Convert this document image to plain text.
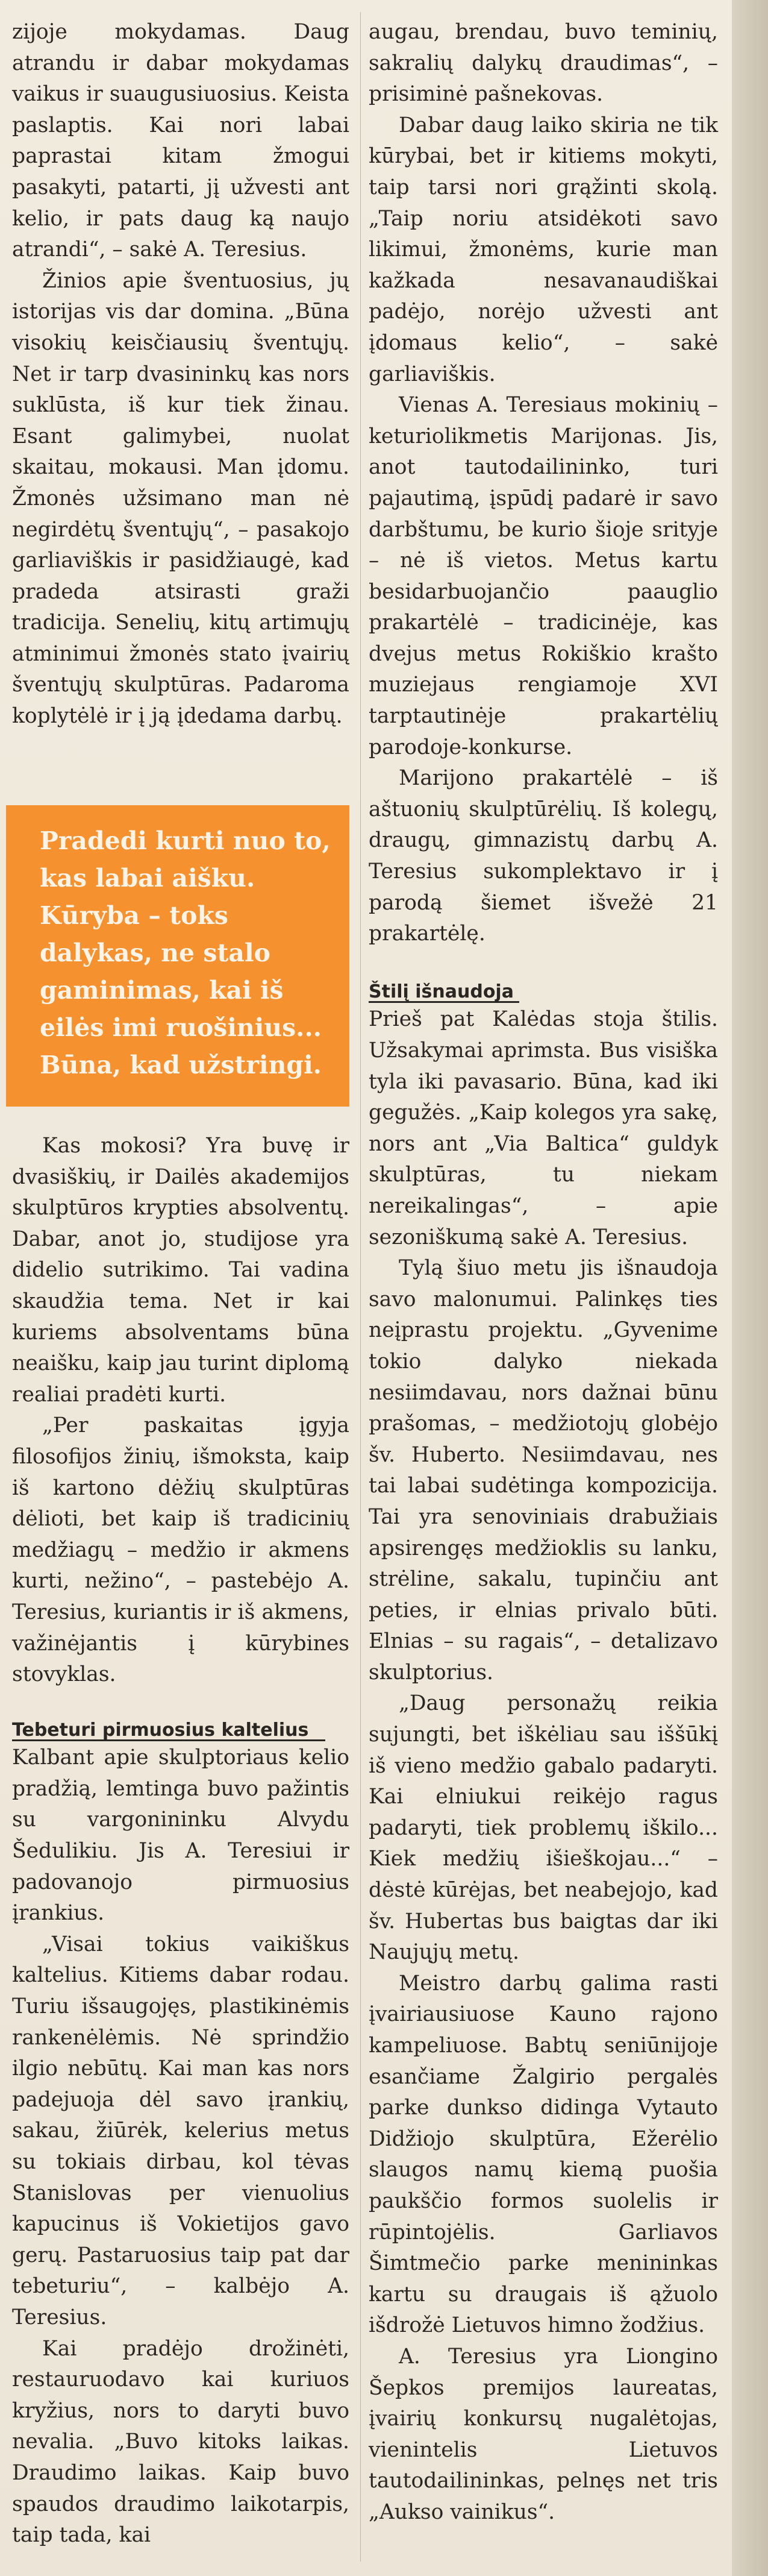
zijoje mokydamas. Daug atrandu ir dabar mokydamas vaikus ir suaugusiuosius. Keista paslaptis. Kai nori labai paprastai kitam žmogui pasakyti, patarti, jį užvesti ant kelio, ir pats daug ką naujo atrandi“, – sakė A. Teresius.

Žinios apie šventuosius, jų istorijas vis dar domina. „Būna visokių keisčiausių šventųjų. Net ir tarp dvasininkų kas nors suklūsta, iš kur tiek žinau. Esant galimybei, nuolat skaitau, mokausi. Man įdomu. Žmonės užsimano man nė negirdėtų šventųjų“, – pasakojo garliaviškis ir pasidžiaugė, kad pradeda atsirasti graži tradicija. Senelių, kitų artimųjų atminimui žmonės stato įvairių šventųjų skulptūras. Padaroma koplytėlė ir į ją įdedama darbų.

Pradedi kurti nuo to, kas labai aišku. Kūryba – toks dalykas, ne stalo gaminimas, kai iš eilės imi ruošinius... Būna, kad užstringi.

Kas mokosi? Yra buvę ir dvasiškių, ir Dailės akademijos skulptūros krypties absolventų. Dabar, anot jo, studijose yra didelio sutrikimo. Tai vadina skaudžia tema. Net ir kai kuriems absolventams būna neaišku, kaip jau turint diplomą realiai pradėti kurti.

„Per paskaitas įgyja filosofijos žinių, išmoksta, kaip iš kartono dėžių skulptūras dėlioti, bet kaip iš tradicinių medžiagų – medžio ir akmens kurti, nežino“, – pastebėjo A. Teresius, kuriantis ir iš akmens, važinėjantis į kūrybines stovyklas.

Tebeturi pirmuosius kaltelius

Kalbant apie skulptoriaus kelio pradžią, lemtinga buvo pažintis su vargonininku Alvydu Šedulikiu. Jis A. Teresiui ir padovanojo pirmuosius įrankius.

„Visai tokius vaikiškus kaltelius. Kitiems dabar rodau. Turiu išsaugojęs, plastikinėmis rankenėlėmis. Nė sprindžio ilgio nebūtų. Kai man kas nors padejuoja dėl savo įrankių, sakau, žiūrėk, kelerius metus su tokiais dirbau, kol tėvas Stanislovas per vienuolius kapucinus iš Vokietijos gavo gerų. Pastaruosius taip pat dar tebeturiu“, – kalbėjo A. Teresius.

Kai pradėjo drožinėti, restauruodavo kai kuriuos kryžius, nors to daryti buvo nevalia. „Buvo kitoks laikas. Draudimo laikas. Kaip buvo spaudos draudimo laikotarpis, taip tada, kai

augau, brendau, buvo teminių, sakralių dalykų draudimas“, – prisiminė pašnekovas.

Dabar daug laiko skiria ne tik kūrybai, bet ir kitiems mokyti, taip tarsi nori grąžinti skolą. „Taip noriu atsidėkoti savo likimui, žmonėms, kurie man kažkada nesavanaudiškai padėjo, norėjo užvesti ant įdomaus kelio“, – sakė garliaviškis.

Vienas A. Teresiaus mokinių – keturiolikmetis Marijonas. Jis, anot tautodailininko, turi pajautimą, įspūdį padarė ir savo darbštumu, be kurio šioje srityje – nė iš vietos. Metus kartu besidarbuojančio paauglio prakartėlė – tradicinėje, kas dvejus metus Rokiškio krašto muziejaus rengiamoje XVI tarptautinėje prakartėlių parodoje-konkurse.

Marijono prakartėlė – iš aštuonių skulptūrėlių. Iš kolegų, draugų, gimnazistų darbų A. Teresius sukomplektavo ir į parodą šiemet išvežė 21 prakartėlę.

Štilį išnaudoja

Prieš pat Kalėdas stoja štilis. Užsakymai aprimsta. Bus visiška tyla iki pavasario. Būna, kad iki gegužės. „Kaip kolegos yra sakę, nors ant „Via Baltica“ guldyk skulptūras, tu niekam nereikalingas“, – apie sezoniškumą sakė A. Teresius.

Tylą šiuo metu jis išnaudoja savo malonumui. Palinkęs ties neįprastu projektu. „Gyvenime tokio dalyko niekada nesiimdavau, nors dažnai būnu prašomas, – medžiotojų globėjo šv. Huberto. Nesiimdavau, nes tai labai sudėtinga kompozicija. Tai yra senoviniais drabužiais apsirengęs medžioklis su lanku, strėline, sakalu, tupinčiu ant peties, ir elnias privalo būti. Elnias – su ragais“, – detalizavo skulptorius.

„Daug personažų reikia sujungti, bet iškėliau sau iššūkį iš vieno medžio gabalo padaryti. Kai elniukui reikėjo ragus padaryti, tiek problemų iškilo... Kiek medžių išieškojau...“ – dėstė kūrėjas, bet neabejojo, kad šv. Hubertas bus baigtas dar iki Naujųjų metų.

Meistro darbų galima rasti įvairiausiuose Kauno rajono kampeliuose. Babtų seniūnijoje esančiame Žalgirio pergalės parke dunkso didinga Vytauto Didžiojo skulptūra, Ežerėlio slaugos namų kiemą puošia paukščio formos suolelis ir rūpintojėlis. Garliavos Šimtmečio parke menininkas kartu su draugais iš ąžuolo išdrožė Lietuvos himno žodžius.

A. Teresius yra Liongino Šepkos premijos laureatas, įvairių konkursų nugalėtojas, vienintelis Lietuvos tautodailininkas, pelnęs net tris „Aukso vainikus“.
